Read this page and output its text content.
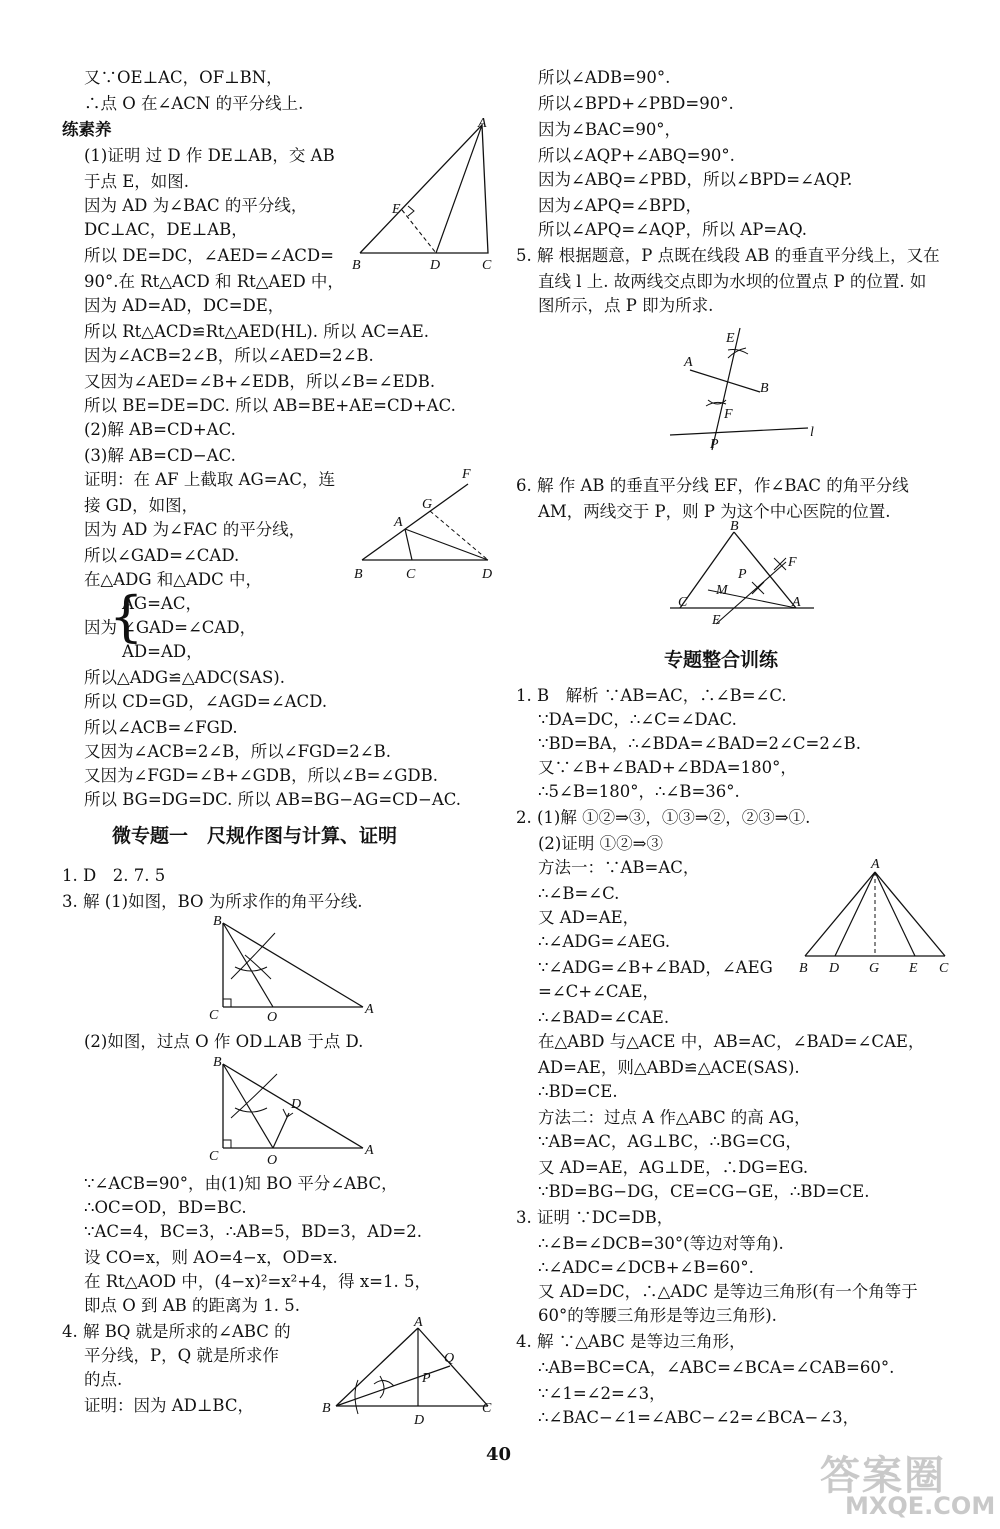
又∵OE⊥AC，OF⊥BN，
∴点 O 在∠ACN 的平分线上.
练素养
(1)证明 过 D 作 DE⊥AB，交 AB
于点 E，如图.
因为 AD 为∠BAC 的平分线，
DC⊥AC，DE⊥AB，
所以 DE=DC，∠AED=∠ACD=
90°.在 Rt△ACD 和 Rt△AED 中，
因为 AD=AD，DC=DE，
所以 Rt△ACD≌Rt△AED(HL). 所以 AC=AE.
因为∠ACB=2∠B，所以∠AED=2∠B.
又因为∠AED=∠B+∠EDB，所以∠B=∠EDB.
所以 BE=DE=DC. 所以 AB=BE+AE=CD+AC.
(2)解 AB=CD+AC.
(3)解 AB=CD−AC.
证明：在 AF 上截取 AG=AC，连
接 GD，如图，
因为 AD 为∠FAC 的平分线，
所以∠GAD=∠CAD.
在△ADG 和△ADC 中，
AG=AC，
因为
{
∠GAD=∠CAD，
AD=AD，
所以△ADG≌△ADC(SAS).
所以 CD=GD，∠AGD=∠ACD.
所以∠ACB=∠FGD.
又因为∠ACB=2∠B，所以∠FGD=2∠B.
又因为∠FGD=∠B+∠GDB，所以∠B=∠GDB.
所以 BG=DG=DC. 所以 AB=BG−AG=CD−AC.
微专题一　尺规作图与计算、证明
1. D　2. 7. 5
3. 解 (1)如图，BO 为所求作的角平分线.
(2)如图，过点 O 作 OD⊥AB 于点 D.
∵∠ACB=90°，由(1)知 BO 平分∠ABC，
∴OC=OD，BD=BC.
∵AC=4，BC=3，∴AB=5，BD=3，AD=2.
设 CO=x，则 AO=4−x，OD=x.
在 Rt△AOD 中，(4−x)²=x²+4，得 x=1. 5，
即点 O 到 AB 的距离为 1. 5.
4. 解 BQ 就是所求的∠ABC 的
平分线，P，Q 就是所求作
的点.
证明：因为 AD⊥BC，
A
E
B	D	C
F
G
A
B	C	D
B
C	O
A
B
D
C	O
A
A
Q
P
B
D
C
所以∠ADB=90°.
所以∠BPD+∠PBD=90°.
因为∠BAC=90°，
所以∠AQP+∠ABQ=90°.
因为∠ABQ=∠PBD，所以∠BPD=∠AQP.
因为∠APQ=∠BPD，
所以∠APQ=∠AQP，所以 AP=AQ.
5. 解 根据题意，P 点既在线段 AB 的垂直平分线上，又在
直线 l 上. 故两线交点即为水坝的位置点 P 的位置. 如
图所示，点 P 即为所求.
6. 解 作 AB 的垂直平分线 EF，作∠BAC 的角平分线
AM，两线交于 P，则 P 为这个中心医院的位置.
专题整合训练
1. B　解析 ∵AB=AC，∴∠B=∠C.
∵DA=DC，∴∠C=∠DAC.
∵BD=BA，∴∠BDA=∠BAD=2∠C=2∠B.
又∵∠B+∠BAD+∠BDA=180°，
∴5∠B=180°，∴∠B=36°.
2. (1)解 ①②⇒③，①③⇒②，②③⇒①.
(2)证明 ①②⇒③
方法一：∵AB=AC，
∴∠B=∠C.
又 AD=AE，
∴∠ADG=∠AEG.
∵∠ADG=∠B+∠BAD，∠AEG
=∠C+∠CAE，
∴∠BAD=∠CAE.
在△ABD 与△ACE 中，AB=AC，∠BAD=∠CAE，
AD=AE，则△ABD≌△ACE(SAS).
∴BD=CE.
方法二：过点 A 作△ABC 的高 AG，
∵AB=AC，AG⊥BC，∴BG=CG，
又 AD=AE，AG⊥DE，∴DG=EG.
∵BD=BG−DG，CE=CG−GE，∴BD=CE.
3. 证明 ∵DC=DB，
∴∠B=∠DCB=30°(等边对等角).
∴∠ADC=∠DCB+∠B=60°.
又 AD=DC，∴△ADC 是等边三角形(有一个角等于
60°的等腰三角形是等边三角形).
4. 解 ∵△ABC 是等边三角形，
∴AB=BC=CA，∠ABC=∠BCA=∠CAB=60°.
∵∠1=∠2=∠3，
∴∠BAC−∠1=∠ABC−∠2=∠BCA−∠3，
E
A
B
F
P
l
B
F
P
M
C	A
E
A
B D G E C
40	答案圈
MXQE.COM
